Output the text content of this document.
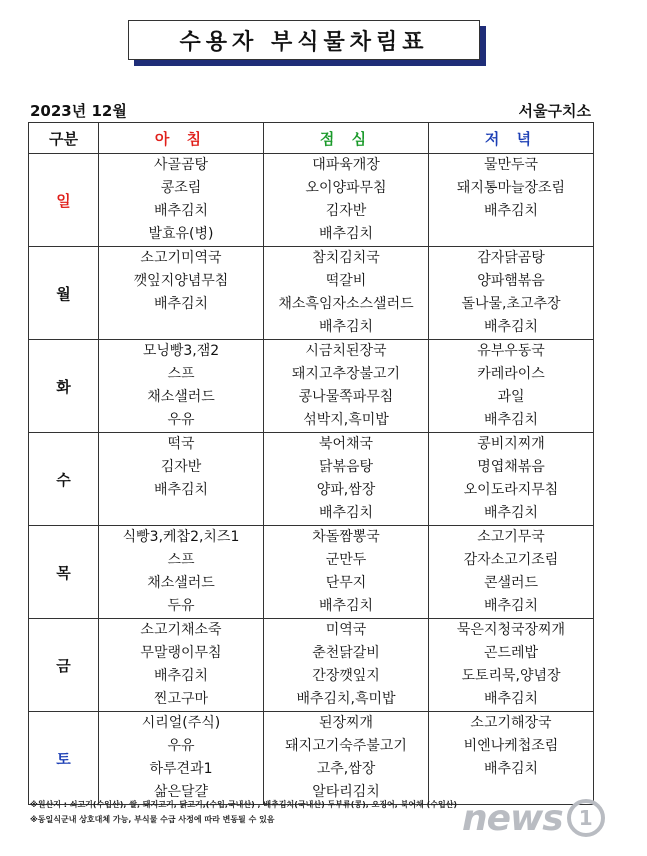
수용자 부식물차림표
2023년 12월	서울구치소
구분	아 침	점 심	저 녁
일	사골곰탕
콩조림
배추김치
발효유(병)	대파육개장
오이양파무침
김자반
배추김치	물만두국
돼지통마늘장조림
배추김치

월	소고기미역국
깻잎지양념무침
배추김치	참치김치국
떡갈비
채소흑임자소스샐러드
배추김치	감자닭곰탕
양파햄볶음
돌나물,초고추장
배추김치

화	모닝빵3,잼2
스프
채소샐러드
우유	시금치된장국
돼지고추장불고기
콩나물쪽파무침
섞박지,흑미밥	유부우동국
카레라이스
과일
배추김치

수	떡국
김자반
배추김치	북어채국
닭볶음탕
양파,쌈장
배추김치	콩비지찌개
명엽채볶음
오이도라지무침
배추김치

목	식빵3,케찹2,치즈1
스프
채소샐러드
두유	차돌짬뽕국
군만두
단무지
배추김치	소고기무국
감자소고기조림
콘샐러드
배추김치

금	소고기채소죽
무말랭이무침
배추김치
찐고구마	미역국
춘천닭갈비
간장깻잎지
배추김치,흑미밥	묵은지청국장찌개
곤드레밥
도토리묵,양념장
배추김치

토	시리얼(주식)
우유
하루견과1
삶은달걀	된장찌개
돼지고기숙주불고기
고추,쌈장
알타리김치	소고기해장국
비엔나케첩조림
배추김치
※원산지 : 쇠고기(수입산), 쌀, 돼지고기, 닭고기,(수입,국내산) , 배추김치(국내산) 두부류(콩), 오징어, 북어채 (수입산)
※동일식군내 상호대체 가능, 부식물 수급 사정에 따라 변동될 수 있음	news 1
